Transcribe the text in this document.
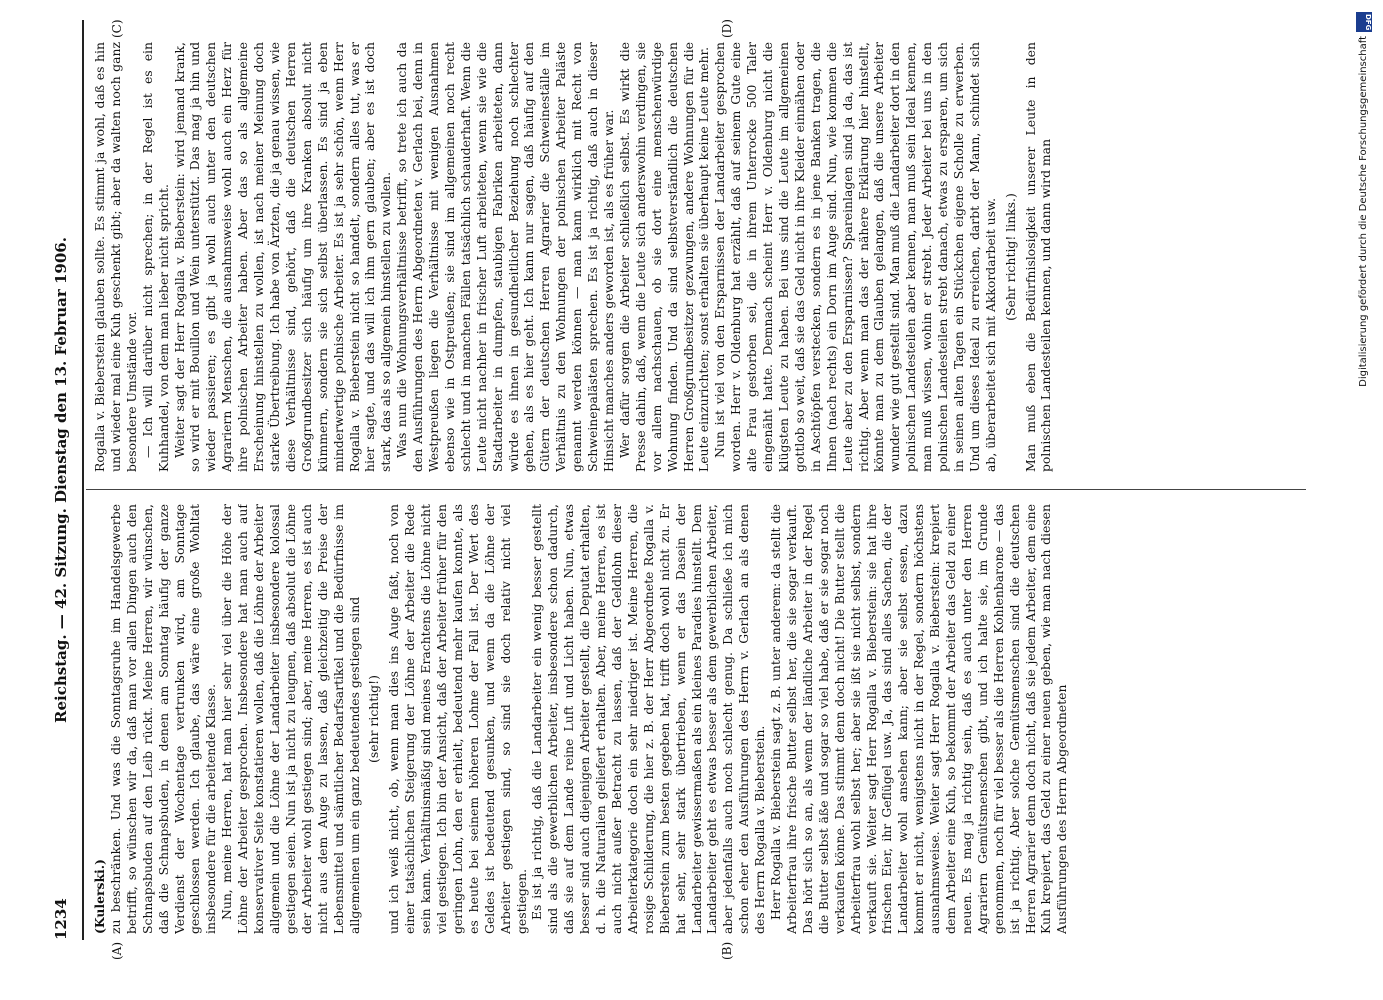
1234
Reichstag. — 42. Sitzung. Dienstag den 13. Februar 1906.
(A)	(B)
(C)	(D)

(Kulerski.) zu beschränken. Und was die Sonntagsruhe im Handelsgewerbe betrifft, so wünschen wir da, daß man vor allen Dingen auch den Schnapsbuden auf den Leib rückt. Meine Herren, wir wünschen, daß die Schnapsbuden, in denen am Sonntag häufig der ganze Verdienst der Wochentage vertrunken wird, am Sonntage geschlossen werden. Ich glaube, das wäre eine große Wohltat insbesondere für die arbeitende Klasse. Nun, meine Herren, hat man hier sehr viel über die Höhe der Löhne der Arbeiter gesprochen. Insbesondere hat man auch auf konservativer Seite konstatieren wollen, daß die Löhne der Arbeiter allgemein und die Löhne der Landarbeiter insbesondere kolossal gestiegen seien. Nun ist ja nicht zu leugnen, daß absolut die Löhne der Arbeiter wohl gestiegen sind; aber, meine Herren, es ist auch nicht aus dem Auge zu lassen, daß gleichzeitig die Preise der Lebensmittel und sämtlicher Bedarfsartikel und die Bedürfnisse im allgemeinen um ein ganz bedeutendes gestiegen sind (sehr richtig!) und ich weiß nicht, ob, wenn man dies ins Auge faßt, noch von einer tatsächlichen Steigerung der Löhne der Arbeiter die Rede sein kann. Verhältnismäßig sind meines Erachtens die Löhne nicht viel gestiegen. Ich bin der Ansicht, daß der Arbeiter früher für den geringen Lohn, den er erhielt, bedeutend mehr kaufen konnte, als es heute bei seinem höheren Lohne der Fall ist. Der Wert des Geldes ist bedeutend gesunken, und wenn da die Löhne der Arbeiter gestiegen sind, so sind sie doch relativ nicht viel gestiegen. Es ist ja richtig, daß die Landarbeiter ein wenig besser gestellt sind als die gewerblichen Arbeiter, insbesondere schon dadurch, daß sie auf dem Lande reine Luft und Licht haben. Nun, etwas besser sind auch diejenigen Arbeiter gestellt, die Deputat erhalten, d. h. die Naturalien geliefert erhalten. Aber, meine Herren, es ist auch nicht außer Betracht zu lassen, daß der Geldlohn dieser Arbeiterkategorie doch ein sehr niedriger ist. Meine Herren, die rosige Schilderung, die hier z. B. der Herr Abgeordnete Rogalla v. Bieberstein zum besten gegeben hat, trifft doch wohl nicht zu. Er hat sehr, sehr stark übertrieben, wenn er das Dasein der Landarbeiter gewissermaßen als ein kleines Paradies hinstellt. Dem Landarbeiter geht es etwas besser als dem gewerblichen Arbeiter, aber jedenfalls auch noch schlecht genug. Da schließe ich mich schon eher den Ausführungen des Herrn v. Gerlach an als denen des Herrn Rogalla v. Bieberstein. Herr Rogalla v. Bieberstein sagt z. B. unter anderem: da stellt die Arbeiterfrau ihre frische Butter selbst her, die sie sogar verkauft. Das hört sich so an, als wenn der ländliche Arbeiter in der Regel die Butter selbst äße und sogar so viel habe, daß er sie sogar noch verkaufen könne. Das stimmt denn doch nicht! Die Butter stellt die Arbeiterfrau wohl selbst her; aber sie ißt sie nicht selbst, sondern verkauft sie. Weiter sagt Herr Rogalla v. Bieberstein: sie hat ihre frischen Eier, ihr Geflügel usw. Ja, das sind alles Sachen, die der Landarbeiter wohl ansehen kann; aber sie selbst essen, dazu kommt er nicht, wenigstens nicht in der Regel, sondern höchstens ausnahmsweise. Weiter sagt Herr Rogalla v. Bieberstein: krepiert dem Arbeiter eine Kuh, so bekommt der Arbeiter das Geld zu einer neuen. Es mag ja richtig sein, daß es auch unter den Herren Agrariern Gemütsmenschen gibt, und ich halte sie, im Grunde genommen, noch für viel besser als die Herren Kohlenbarone — das ist ja richtig. Aber solche Gemütsmenschen sind die deutschen Herren Agrarier denn doch nicht, daß sie jedem Arbeiter, dem eine Kuh krepiert, das Geld zu einer neuen geben, wie man nach diesen Ausführungen des Herrn Abgeordneten

Rogalla v. Bieberstein glauben sollte. Es stimmt ja wohl, daß es hin und wieder mal eine Kuh geschenkt gibt; aber da walten noch ganz besondere Umstände vor. — Ich will darüber nicht sprechen; in der Regel ist es ein Kuhhandel, von dem man lieber nicht spricht. Weiter sagt der Herr Rogalla v. Bieberstein: wird jemand krank, so wird er mit Bouillon und Wein unterstützt. Das mag ja hin und wieder passieren; es gibt ja wohl auch unter den deutschen Agrariern Menschen, die ausnahmsweise wohl auch ein Herz für ihre polnischen Arbeiter haben. Aber das so als allgemeine Erscheinung hinstellen zu wollen, ist nach meiner Meinung doch starke Übertreibung. Ich habe von Ärzten, die ja genau wissen, wie diese Verhältnisse sind, gehört, daß die deutschen Herren Großgrundbesitzer sich häufig um ihre Kranken absolut nicht kümmern, sondern sie sich selbst überlassen. Es sind ja eben minderwertige polnische Arbeiter. Es ist ja sehr schön, wenn Herr Rogalla v. Bieberstein nicht so handelt, sondern alles tut, was er hier sagte, und das will ich ihm gern glauben; aber es ist doch stark, das als so allgemein hinstellen zu wollen. Was nun die Wohnungsverhältnisse betrifft, so trete ich auch da den Ausführungen des Herrn Abgeordneten v. Gerlach bei, denn in Westpreußen liegen die Verhältnisse mit wenigen Ausnahmen ebenso wie in Ostpreußen; sie sind im allgemeinen noch recht schlecht und in manchen Fällen tatsächlich schauderhaft. Wenn die Leute nicht nachher in frischer Luft arbeiteten, wenn sie wie die Stadtarbeiter in dumpfen, staubigen Fabriken arbeiteten, dann würde es ihnen in gesundheitlicher Beziehung noch schlechter gehen, als es hier geht. Ich kann nur sagen, daß häufig auf den Gütern der deutschen Herren Agrarier die Schweineställe im Verhältnis zu den Wohnungen der polnischen Arbeiter Paläste genannt werden können — man kann wirklich mit Recht von Schweinepalästen sprechen. Es ist ja richtig, daß auch in dieser Hinsicht manches anders geworden ist, als es früher war. Wer dafür sorgen die Arbeiter schließlich selbst. Es wirkt die Presse dahin, daß, wenn die Leute sich anderswohin verdingen, sie vor allem nachschauen, ob sie dort eine menschenwürdige Wohnung finden. Und da sind selbstverständlich die deutschen Herren Großgrundbesitzer gezwungen, andere Wohnungen für die Leute einzurichten; sonst erhalten sie überhaupt keine Leute mehr. Nun ist viel von den Ersparnissen der Landarbeiter gesprochen worden. Herr v. Oldenburg hat erzählt, daß auf seinem Gute eine alte Frau gestorben sei, die in ihrem Unterrocke 500 Taler eingenäht hatte. Demnach scheint Herr v. Oldenburg nicht die klügsten Leute zu haben. Bei uns sind die Leute im allgemeinen gottlob so weit, daß sie das Geld nicht in ihre Kleider einnähen oder in Aschtöpfen verstecken, sondern es in jene Banken tragen, die Ihnen (nach rechts) ein Dorn im Auge sind. Nun, wie kommen die Leute aber zu den Ersparnissen? Spareinlagen sind ja da, das ist richtig. Aber wenn man das der nähere Erklärung hier hinstellt, könnte man zu dem Glauben gelangen, daß die unsere Arbeiter wunder wie gut gestellt sind. Man muß die Landarbeiter dort in den polnischen Landesteilen aber kennen, man muß sein Ideal kennen, man muß wissen, wohin er strebt. Jeder Arbeiter bei uns in den polnischen Landesteilen strebt danach, etwas zu ersparen, um sich in seinen alten Tagen ein Stückchen eigene Scholle zu erwerben. Und um dieses Ideal zu erreichen, darbt der Mann, schindet sich ab, überarbeitet sich mit Akkordarbeit usw. (Sehr richtig! links.) Man muß eben die Bedürfnislosigkeit unserer Leute in den polnischen Landesteilen kennen, und dann wird man

DFG
Digitalisierung gefördert durch die Deutsche Forschungsgemeinschaft
